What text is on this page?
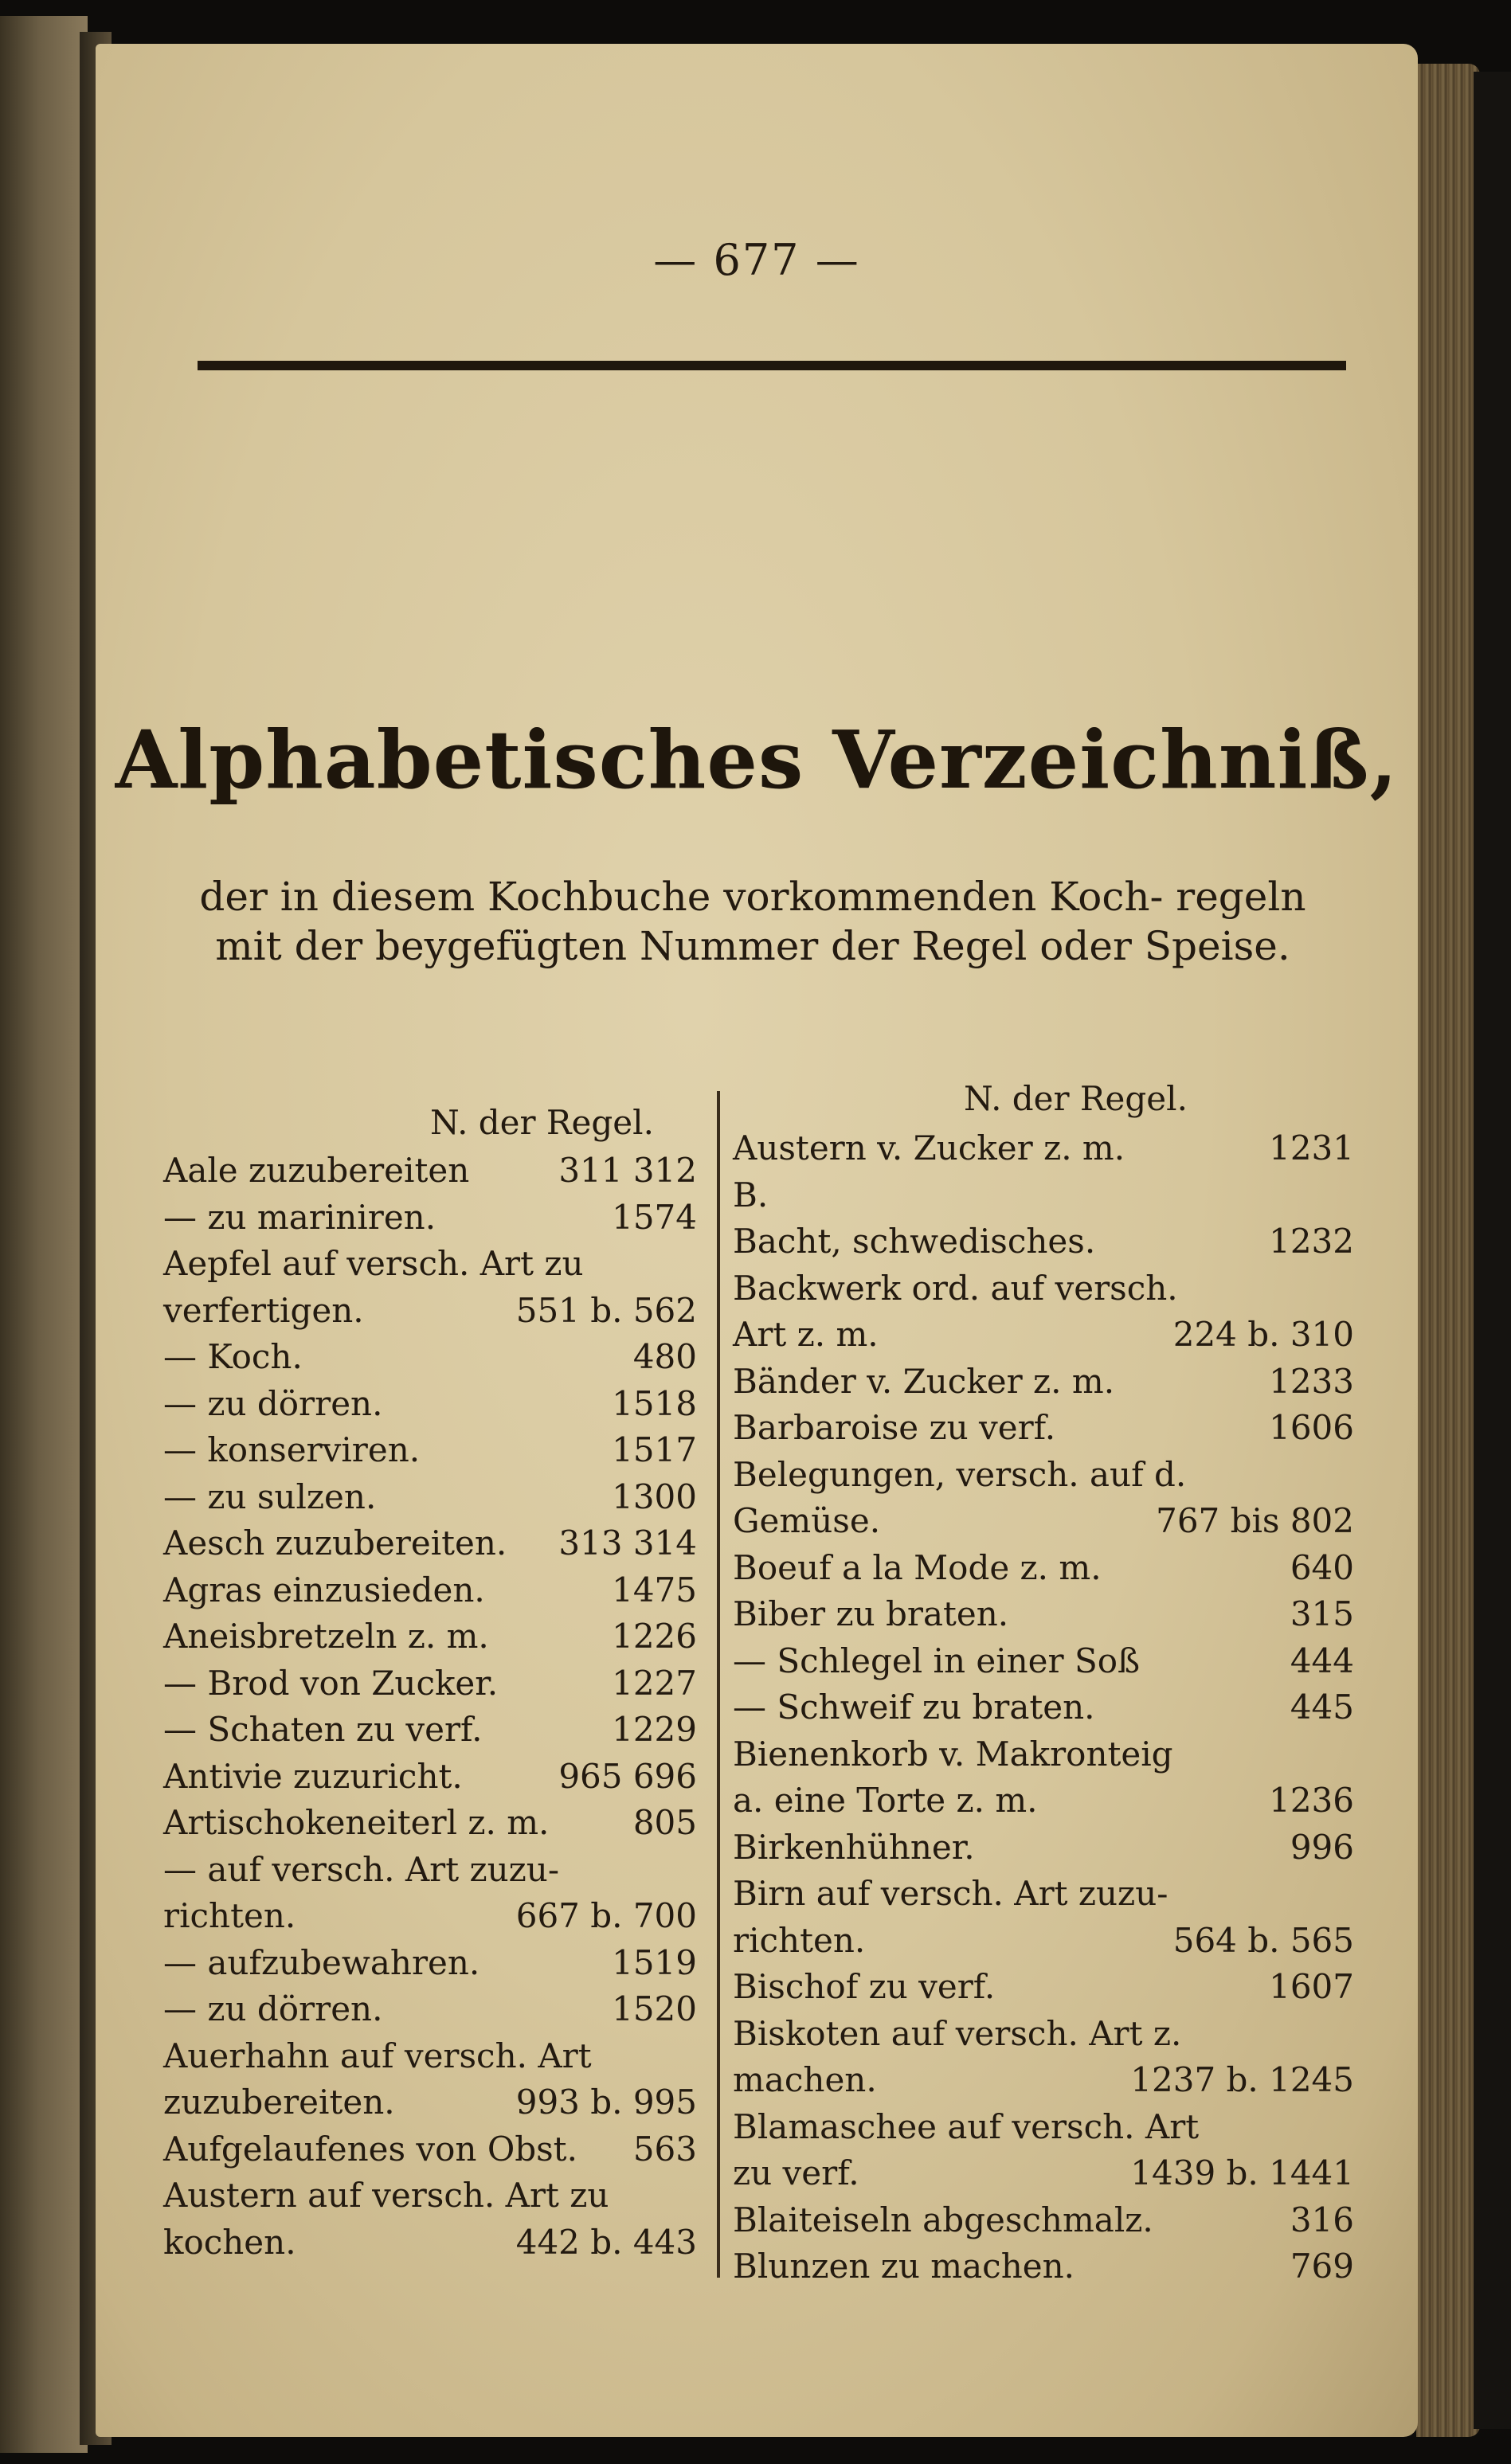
— 677 —
Alphabetisches Verzeichniß,
der in diesem Kochbuche vorkommenden Koch- regeln mit der beygefügten Nummer der Regel oder Speise.
N. der Regel.
N. der Regel.
Aale zuzubereiten	311 312
— zu mariniren.	1574
Aepfel auf versch. Art zu
verfertigen.	551 b. 562
— Koch.	480
— zu dörren.	1518
— konserviren.	1517
— zu sulzen.	1300
Aesch zuzubereiten. 313 314
Agras einzusieden.	1475
Aneisbretzeln z. m.	1226
— Brod von Zucker.	1227
— Schaten zu verf.	1229
Antivie zuzuricht.	965 696
Artischokeneiterl z. m.	805
— auf versch. Art zuzu-
richten.	667 b. 700
— aufzubewahren.	1519
— zu dörren.	1520
Auerhahn auf versch. Art
zuzubereiten.	993 b. 995
Aufgelaufenes von Obst. 563
Austern auf versch. Art zu
kochen.	442 b. 443
Austern v. Zucker z. m.	1231
B.
Bacht, schwedisches.	1232
Backwerk ord. auf versch.
Art z. m.	224 b. 310
Bänder v. Zucker z. m.	1233
Barbaroise zu verf.	1606
Belegungen, versch. auf d.
Gemüse.	767 bis 802
Boeuf a la Mode z. m.	640
Biber zu braten.	315
— Schlegel in einer Soß	444
— Schweif zu braten.	445
Bienenkorb v. Makronteig
a. eine Torte z. m.	1236
Birkenhühner.	996
Birn auf versch. Art zuzu-
richten.	564 b. 565
Bischof zu verf.	1607
Biskoten auf versch. Art z.
machen.	1237 b. 1245
Blamaschee auf versch. Art
zu verf.	1439 b. 1441
Blaiteiseln abgeschmalz.	316
Blunzen zu machen.	769
